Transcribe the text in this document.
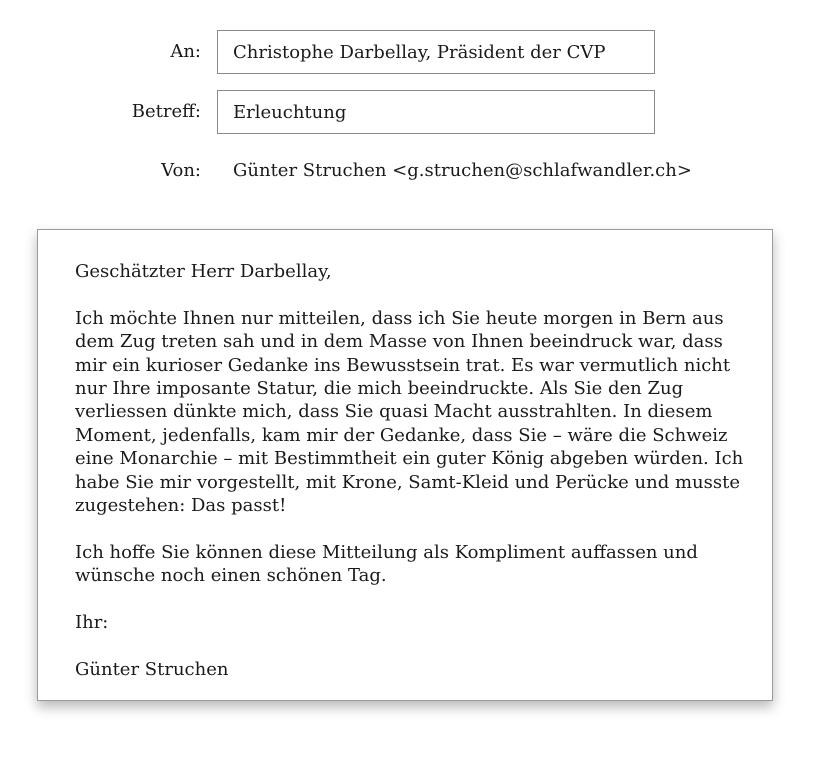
An:
Christophe Darbellay, Präsident der CVP
Betreff:
Erleuchtung
Von: Günter Struchen <g.struchen@schlafwandler.ch>

Geschätzter Herr Darbellay,

Ich möchte Ihnen nur mitteilen, dass ich Sie heute morgen in Bern aus dem Zug treten sah und in dem Masse von Ihnen beeindruck war, dass mir ein kurioser Gedanke ins Bewusstsein trat. Es war vermutlich nicht nur Ihre imposante Statur, die mich beeindruckte. Als Sie den Zug verliessen dünkte mich, dass Sie quasi Macht ausstrahlten. In diesem Moment, jedenfalls, kam mir der Gedanke, dass Sie – wäre die Schweiz eine Monarchie – mit Bestimmtheit ein guter König abgeben würden. Ich habe Sie mir vorgestellt, mit Krone, Samt-Kleid und Perücke und musste zugestehen: Das passt!

Ich hoffe Sie können diese Mitteilung als Kompliment auffassen und wünsche noch einen schönen Tag.

Ihr:

Günter Struchen
